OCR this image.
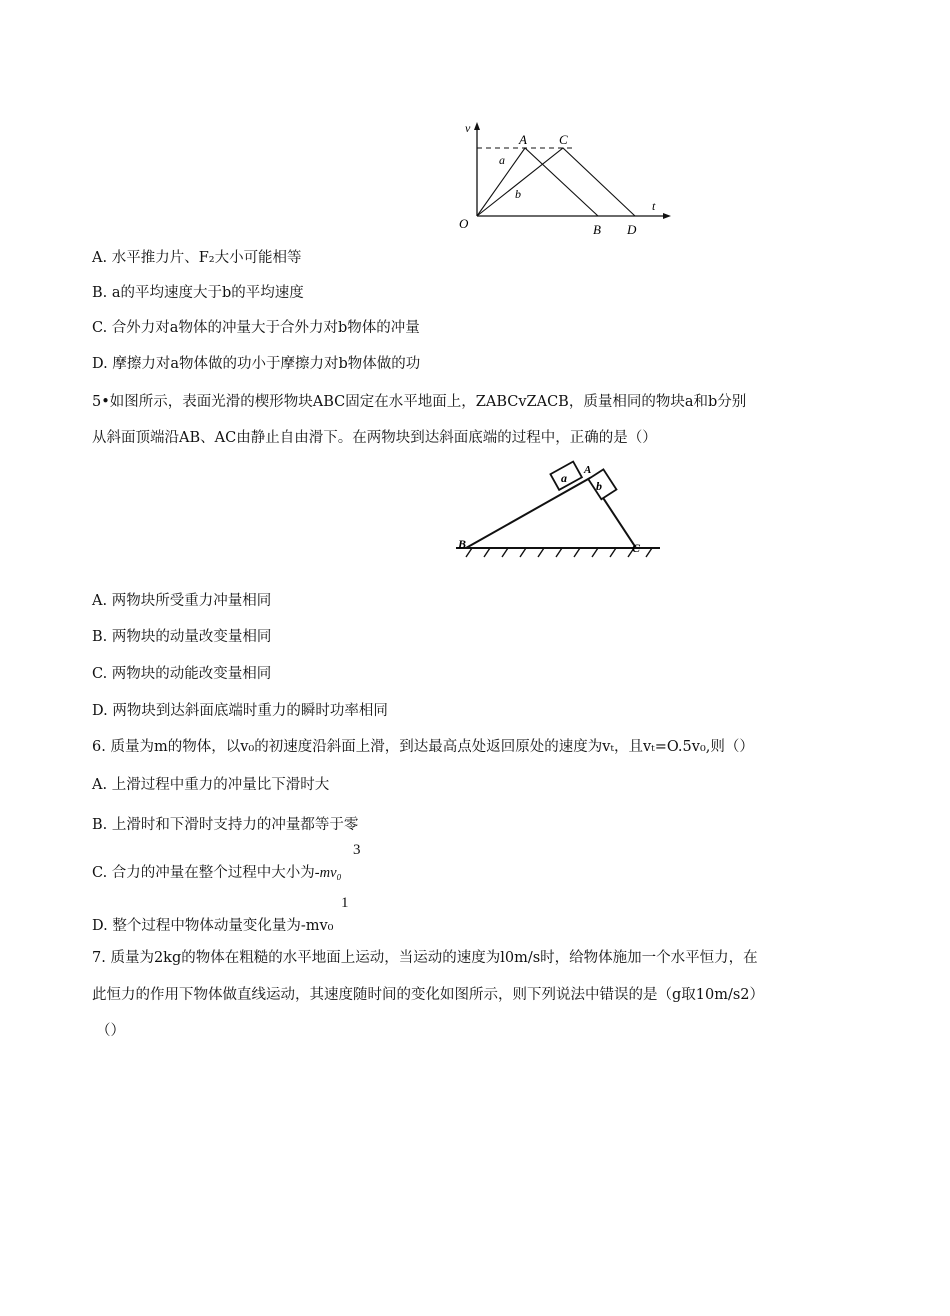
v
t
O
A C
B D
a
b
A. 水平推力片、F₂大小可能相等
B. a的平均速度大于b的平均速度
C. 合外力对a物体的冲量大于合外力对b物体的冲量
D. 摩擦力对a物体做的功小于摩擦力对b物体做的功
5•如图所示，表面光滑的楔形物块ABC固定在水平地面上，ZABCvZACB，质量相同的物块a和b分别
从斜面顶端沿AB、AC由静止自由滑下。在两物块到达斜面底端的过程中，正确的是（）
a
b
A
B	C
A. 两物块所受重力冲量相同
B. 两物块的动量改变量相同
C. 两物块的动能改变量相同
D. 两物块到达斜面底端时重力的瞬时功率相同
6. 质量为m的物体，以v₀的初速度沿斜面上滑，到达最高点处返回原处的速度为vₜ，且vₜ=O.5v₀,则（）
A. 上滑过程中重力的冲量比下滑时大
B. 上滑时和下滑时支持力的冲量都等于零
3
C. 合力的冲量在整个过程中大小为-mv₀
1
D. 整个过程中物体动量变化量为-mv₀
7. 质量为2kg的物体在粗糙的水平地面上运动，当运动的速度为l0m/s时，给物体施加一个水平恒力，在
此恒力的作用下物体做直线运动，其速度随时间的变化如图所示，则下列说法中错误的是（g取10m/s2）
（）
